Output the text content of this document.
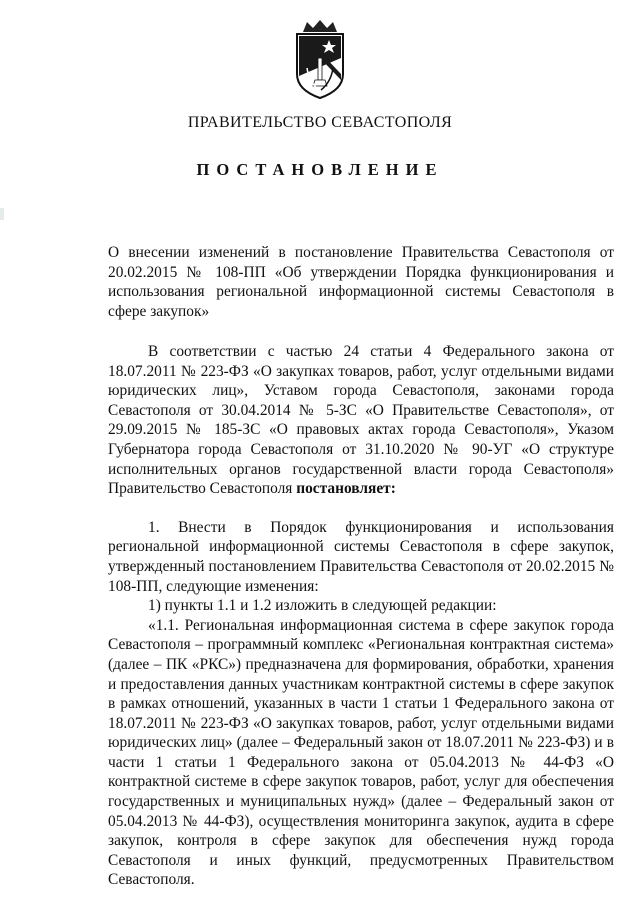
ПРАВИТЕЛЬСТВО СЕВАСТОПОЛЯ
ПОСТАНОВЛЕНИЕ
О внесении изменений в постановление Правительства Севастополя от 20.02.2015 № 108-ПП «Об утверждении Порядка функционирования и использования региональной информационной системы Севастополя в сфере закупок»

В соответствии с частью 24 статьи 4 Федерального закона от 18.07.2011 № 223-ФЗ «О закупках товаров, работ, услуг отдельными видами юридических лиц», Уставом города Севастополя, законами города Севастополя от 30.04.2014 № 5-ЗС «О Правительстве Севастополя», от 29.09.2015 № 185-ЗС «О правовых актах города Севастополя», Указом Губернатора города Севастополя от 31.10.2020 № 90-УГ «О структуре исполнительных органов государственной власти города Севастополя» Правительство Севастополя постановляет:

1. Внести в Порядок функционирования и использования региональной информационной системы Севастополя в сфере закупок, утвержденный постановлением Правительства Севастополя от 20.02.2015 № 108-ПП, следующие изменения:

1) пункты 1.1 и 1.2 изложить в следующей редакции:

«1.1. Региональная информационная система в сфере закупок города Севастополя – программный комплекс «Региональная контрактная система» (далее – ПК «РКС») предназначена для формирования, обработки, хранения и предоставления данных участникам контрактной системы в сфере закупок в рамках отношений, указанных в части 1 статьи 1 Федерального закона от 18.07.2011 № 223-ФЗ «О закупках товаров, работ, услуг отдельными видами юридических лиц» (далее – Федеральный закон от 18.07.2011 № 223-ФЗ) и в части 1 статьи 1 Федерального закона от 05.04.2013 № 44-ФЗ «О контрактной системе в сфере закупок товаров, работ, услуг для обеспечения государственных и муниципальных нужд» (далее – Федеральный закон от 05.04.2013 № 44-ФЗ), осуществления мониторинга закупок, аудита в сфере закупок, контроля в сфере закупок для обеспечения нужд города Севастополя и иных функций, предусмотренных Правительством Севастополя.
